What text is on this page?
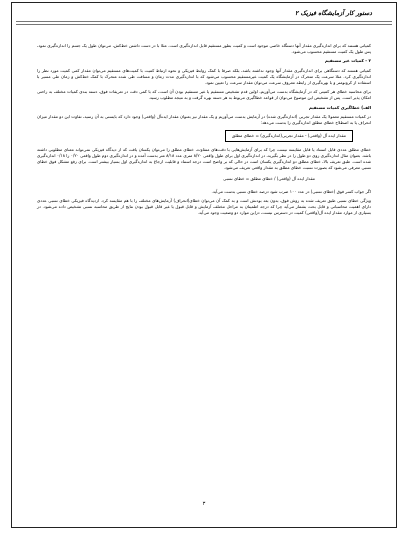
دستور کار آزمایشگاه فیزیک ۲

کمیاتی هستند که برای اندازه‌گیری مقدار آنها دستگاه خاصی موجود است و کمیت بطور مستقیم قابل اندازه‌گیری است. مثلا با در دست داشتن خط‌کش، می‌توان طول یک جسم را اندازه‌گیری نمود، پس طول یک کمیت مستقیم محسوب می‌شود.

۲ - کمیات غیر مستقیم

کمیاتی هستند که دستگاهی برای اندازه‌گیری مقدار آنها وجود نداشته باشد، بلکه صرفا با کمک روابط فیزیکی و نحوه ارتباط کمیت با کمیت‌های مستقیم می‌توان مقدار کمی کمیت مورد نظر را اندازه‌گیری کرد. مثلا سرعت یک متحرک در آزمایشگاه یک کمیت غیرمستقیم محسوب می‌شود که با اندازه‌گیری مدت زمان و مسافت طی شده متحرک با کمک خط‌کش و زمان طی مسیر با استفاده از کرونومتر و با بهره‌گیری از رابطه معروف سرعت می‌توان مقدار سرعت را تعیین نمود.

برای محاسبه خطای هر کمیتی که در آزمایشگاه بدست می‌آوریم، اولین قدم تشخیص مستقیم یا غیر مستقیم بودن آن است، که با کمی دقت در تعریفات فوق، دسته بندی کمیات مختلف به راحتی امکان پذیر است. پس از تشخیص این موضوع می‌توان از قواعد خطاگیری مربوط به هر دسته بهره گرفت و به نتیجه مطلوب رسید.

الف) خطاگیری کمیات مستقیم

در کمیات مستقیم معمولا یک مقدار تجربی (اندازه‌گیری شده) در آزمایش بدست می‌آوریم و یک مقدار نیز بعنوان مقدار ایده‌آل (واقعی) وجود دارد که بایستی به آن رسید، تفاوت این دو مقدار میزان انحراف یا به اصطلاح خطای مطلق اندازه‌گیری را بدست می‌دهد:

مقدار ایده آل (واقعی) - مقدار تجربی(اندازه‌گیری) = خطای مطلق

خطای مطلق عددی قابل استناد یا قابل مقایسه نیست چرا که برای آزمایش‌هایی با دقت‌های متفاوت، خطای مطلق را می‌توان یکسان یافت که از دیدگاه فیزیکی نمی‌تواند معنای مطلوبی داشته باشد. بعنوان مثال اندازه‌گیری روی دو طول را در نظر بگیرید، در اندازه‌گیری اول برای طول واقعی ۸/۲۰ متری عدد ۸/۱۸ متر بدست آمده و در اندازه‌گیری دوم طول واقعی ۰/۲۰ را ۰/۱۸ اندازه‌گیری شده است. طبق تعریف بالا، خطای مطلق دو اندازه‌گیری یکسان است در حالی که بر واضح است درجه استناد و قابلیت ارجاع به اندازه‌گیری اول بسیار بیشتر است. برای رفع مشکل فوق خطای نسبی معرفی می‌شود که بصورت نسبت خطای مطلق به مقدار واقعی تعریف می‌شود.

مقدار ایده آل (واقعی) / خطای مطلق = خطای نسبی

اگر جواب کسر فوق (خطای نسبی) در عدد ۱۰۰ ضرب شود درصد خطای نسبی بدست می‌آید.

ویژگی خطای نسبی طبق تعریف شده به روش فوق، بدون بعد بودنش است و به کمک آن می‌توان خطای(انحراف) آزمایش‌های مختلف را با هم مقایسه کرد. ازدیدگاه فیزیکی خطای نسبی عددی دارای اهمیت محاسباتی و قابل بحث بشمار می‌آید چرا که درجه اطمینان به مراحل مختلف آزمایش و قابل قبول یا غیر قابل قبول بودن نتایج از طریق محاسبه نسبی تشخیص داده می‌شود. در بسیاری از موارد مقدار ایده آل(واقعی) کمیت در دسترس نیست، دراین موارد دو وضعیت وجود می‌آید.

۳
